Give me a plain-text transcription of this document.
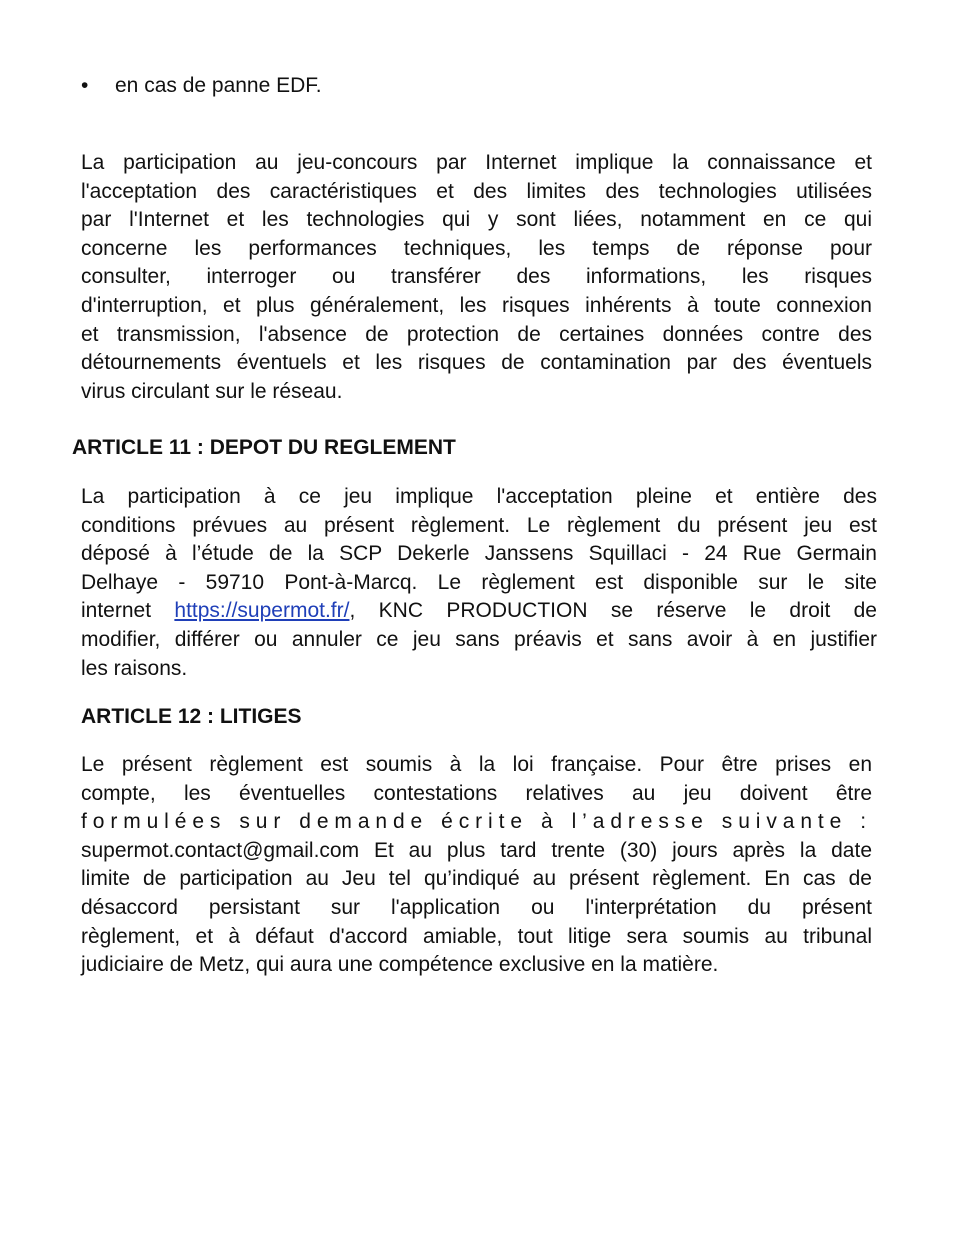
• en cas de panne EDF.
La participation au jeu-concours par Internet implique la connaissance et
l'acceptation des caractéristiques et des limites des technologies utilisées
par l'Internet et les technologies qui y sont liées, notamment en ce qui
concerne les performances techniques, les temps de réponse pour
consulter, interroger ou transférer des informations, les risques
d'interruption, et plus généralement, les risques inhérents à toute connexion
et transmission, l'absence de protection de certaines données contre des
détournements éventuels et les risques de contamination par des éventuels
virus circulant sur le réseau.
ARTICLE 11 : DEPOT DU REGLEMENT
La participation à ce jeu implique l'acceptation pleine et entière des
conditions prévues au présent règlement. Le règlement du présent jeu est
déposé à l’étude de la SCP Dekerle Janssens Squillaci - 24 Rue Germain
Delhaye - 59710 Pont-à-Marcq. Le règlement est disponible sur le site
internet https://supermot.fr/, KNC PRODUCTION se réserve le droit de
modifier, différer ou annuler ce jeu sans préavis et sans avoir à en justifier
les raisons.
ARTICLE 12 : LITIGES
Le présent règlement est soumis à la loi française. Pour être prises en
compte, les éventuelles contestations relatives au jeu doivent être
formulées sur demande écrite à l’adresse suivante :
supermot.contact@gmail.com Et au plus tard trente (30) jours après la date
limite de participation au Jeu tel qu’indiqué au présent règlement. En cas de
désaccord persistant sur l'application ou l'interprétation du présent
règlement, et à défaut d'accord amiable, tout litige sera soumis au tribunal
judiciaire de Metz, qui aura une compétence exclusive en la matière.
